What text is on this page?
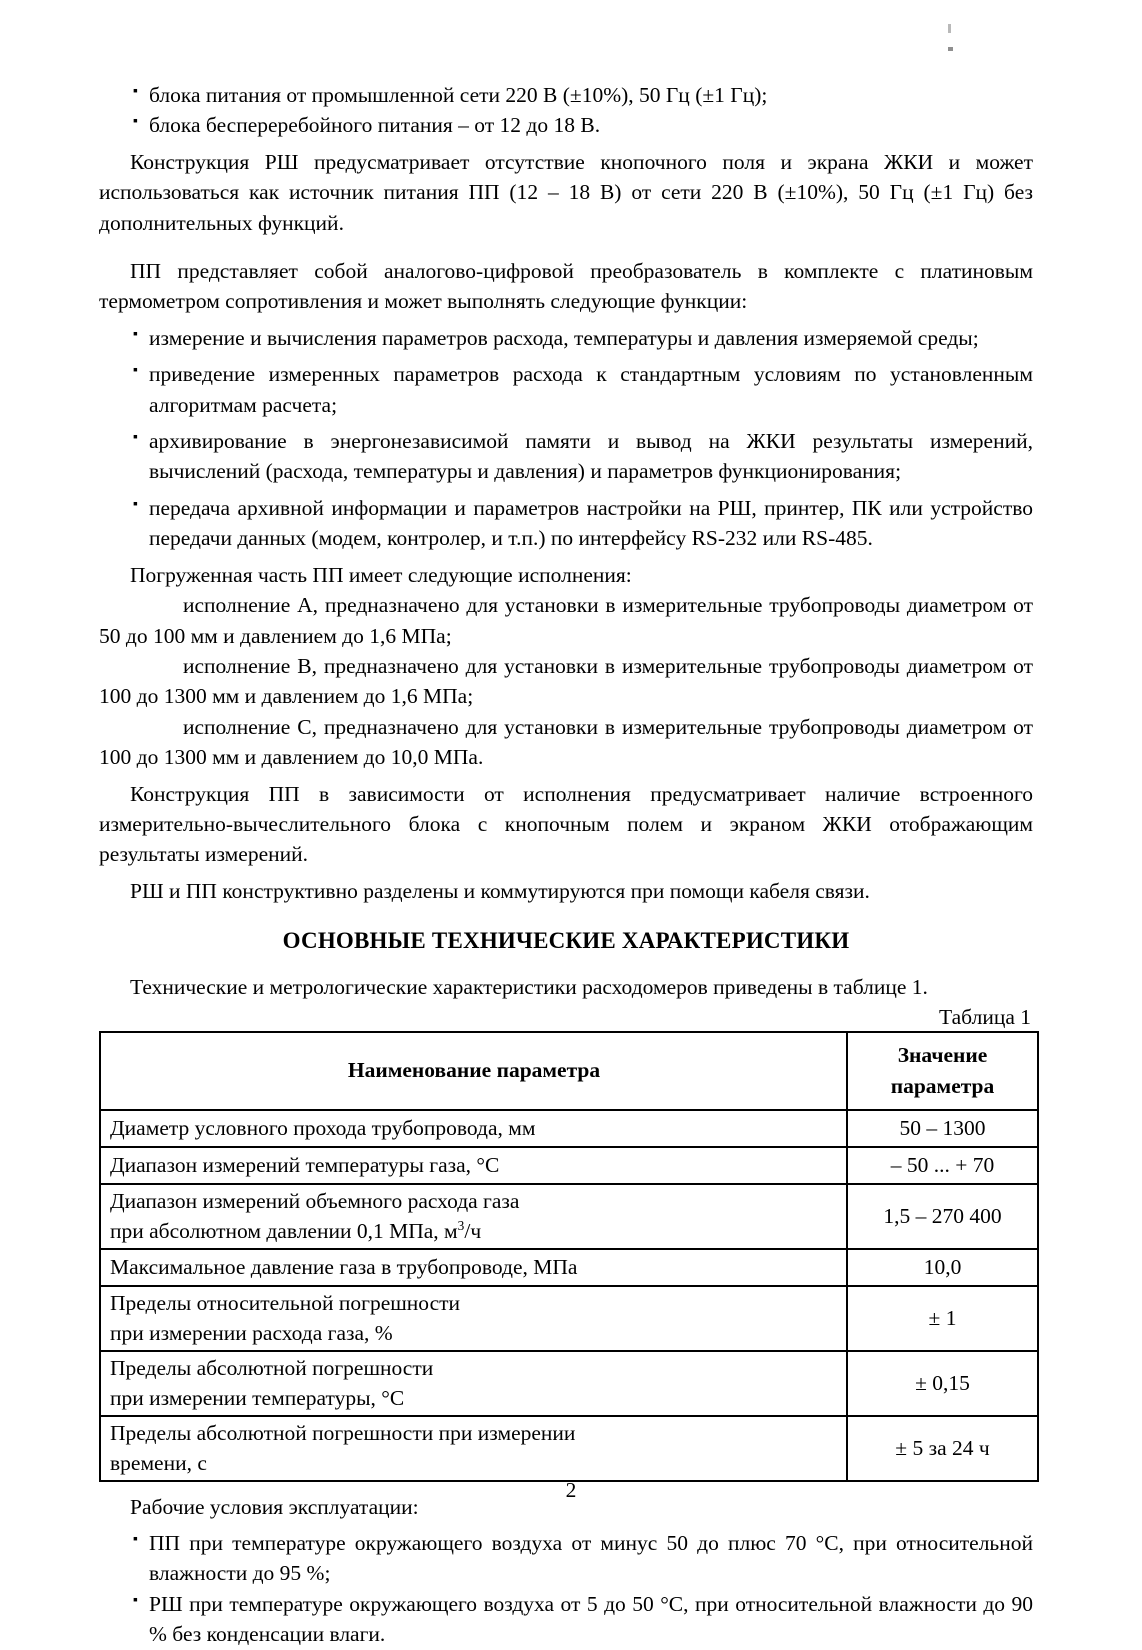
▪ блока питания от промышленной сети 220 В (±10%), 50 Гц (±1 Гц);
▪ блока беспереребойного питания – от 12 до 18 В.

Конструкция РШ предусматривает отсутствие кнопочного поля и экрана ЖКИ и может использоваться как источник питания ПП (12 – 18 В) от сети 220 В (±10%), 50 Гц (±1 Гц) без дополнительных функций.

ПП представляет собой аналогово-цифровой преобразователь в комплекте с платиновым термометром сопротивления и может выполнять следующие функции:

▪ измерение и вычисления параметров расхода, температуры и давления измеряемой среды;
▪ приведение измеренных параметров расхода к стандартным условиям по установленным алгоритмам расчета;
▪ архивирование в энергонезависимой памяти и вывод на ЖКИ результаты измерений, вычислений (расхода, температуры и давления) и параметров функционирования;
▪ передача архивной информации и параметров настройки на РШ, принтер, ПК или устройство передачи данных (модем, контролер, и т.п.) по интерфейсу RS-232 или RS-485.

Погруженная часть ПП имеет следующие исполнения:

исполнение А, предназначено для установки в измерительные трубопроводы диаметром от 50 до 100 мм и давлением до 1,6 МПа;

исполнение В, предназначено для установки в измерительные трубопроводы диаметром от 100 до 1300 мм и давлением до 1,6 МПа;

исполнение С, предназначено для установки в измерительные трубопроводы диаметром от 100 до 1300 мм и давлением до 10,0 МПа.

Конструкция ПП в зависимости от исполнения предусматривает наличие встроенного измерительно-вычеслительного блока с кнопочным полем и экраном ЖКИ отображающим результаты измерений.

РШ и ПП конструктивно разделены и коммутируются при помощи кабеля связи.

ОСНОВНЫЕ ТЕХНИЧЕСКИЕ ХАРАКТЕРИСТИКИ

Технические и метрологические характеристики расходомеров приведены в таблице 1.

Таблица 1
Наименование параметра	Значение
параметра

Диаметр условного прохода трубопровода, мм	50 – 1300

Диапазон измерений температуры газа, °С	– 50 ... + 70

Диапазон измерений объемного расхода газа
при абсолютном давлении 0,1 МПа, $м^3/ч$	1,5 – 270 400

Максимальное давление газа в трубопроводе, МПа	10,0

Пределы относительной погрешности
при измерении расхода газа, %	± 1

Пределы абсолютной погрешности
при измерении температуры, °С	± 0,15

Пределы абсолютной погрешности при измерении
времени, с	± 5 за 24 ч

Рабочие условия эксплуатации:

▪ ПП при температуре окружающего воздуха от минус 50 до плюс 70 °С, при относительной влажности до 95 %;
▪ РШ при температуре окружающего воздуха от 5 до 50 °С, при относительной влажности до 90 % без конденсации влаги.
2
